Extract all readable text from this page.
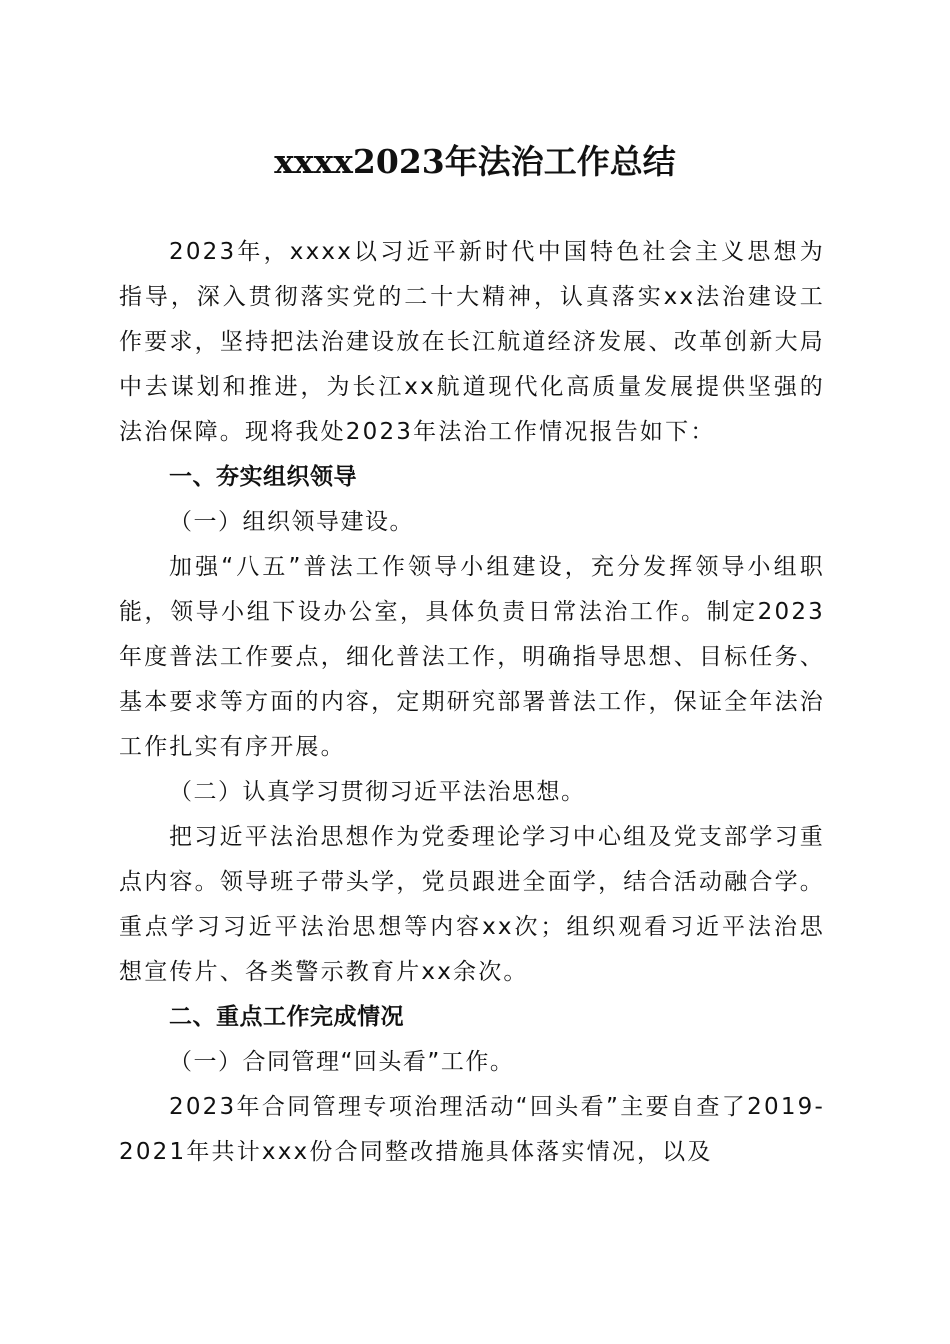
xxxx2023年法治工作总结

2023年，xxxx以习近平新时代中国特色社会主义思想为指导，深入贯彻落实党的二十大精神，认真落实xx法治建设工作要求，坚持把法治建设放在长江航道经济发展、改革创新大局中去谋划和推进，为长江xx航道现代化高质量发展提供坚强的法治保障。现将我处2023年法治工作情况报告如下：

一、夯实组织领导

（一）组织领导建设。

加强“八五”普法工作领导小组建设，充分发挥领导小组职能，领导小组下设办公室，具体负责日常法治工作。制定2023年度普法工作要点，细化普法工作，明确指导思想、目标任务、基本要求等方面的内容，定期研究部署普法工作，保证全年法治工作扎实有序开展。

（二）认真学习贯彻习近平法治思想。

把习近平法治思想作为党委理论学习中心组及党支部学习重点内容。领导班子带头学，党员跟进全面学，结合活动融合学。重点学习习近平法治思想等内容xx次；组织观看习近平法治思想宣传片、各类警示教育片xx余次。

二、重点工作完成情况

（一）合同管理“回头看”工作。

2023年合同管理专项治理活动“回头看”主要自查了2019-2021年共计xxx份合同整改措施具体落实情况，以及
